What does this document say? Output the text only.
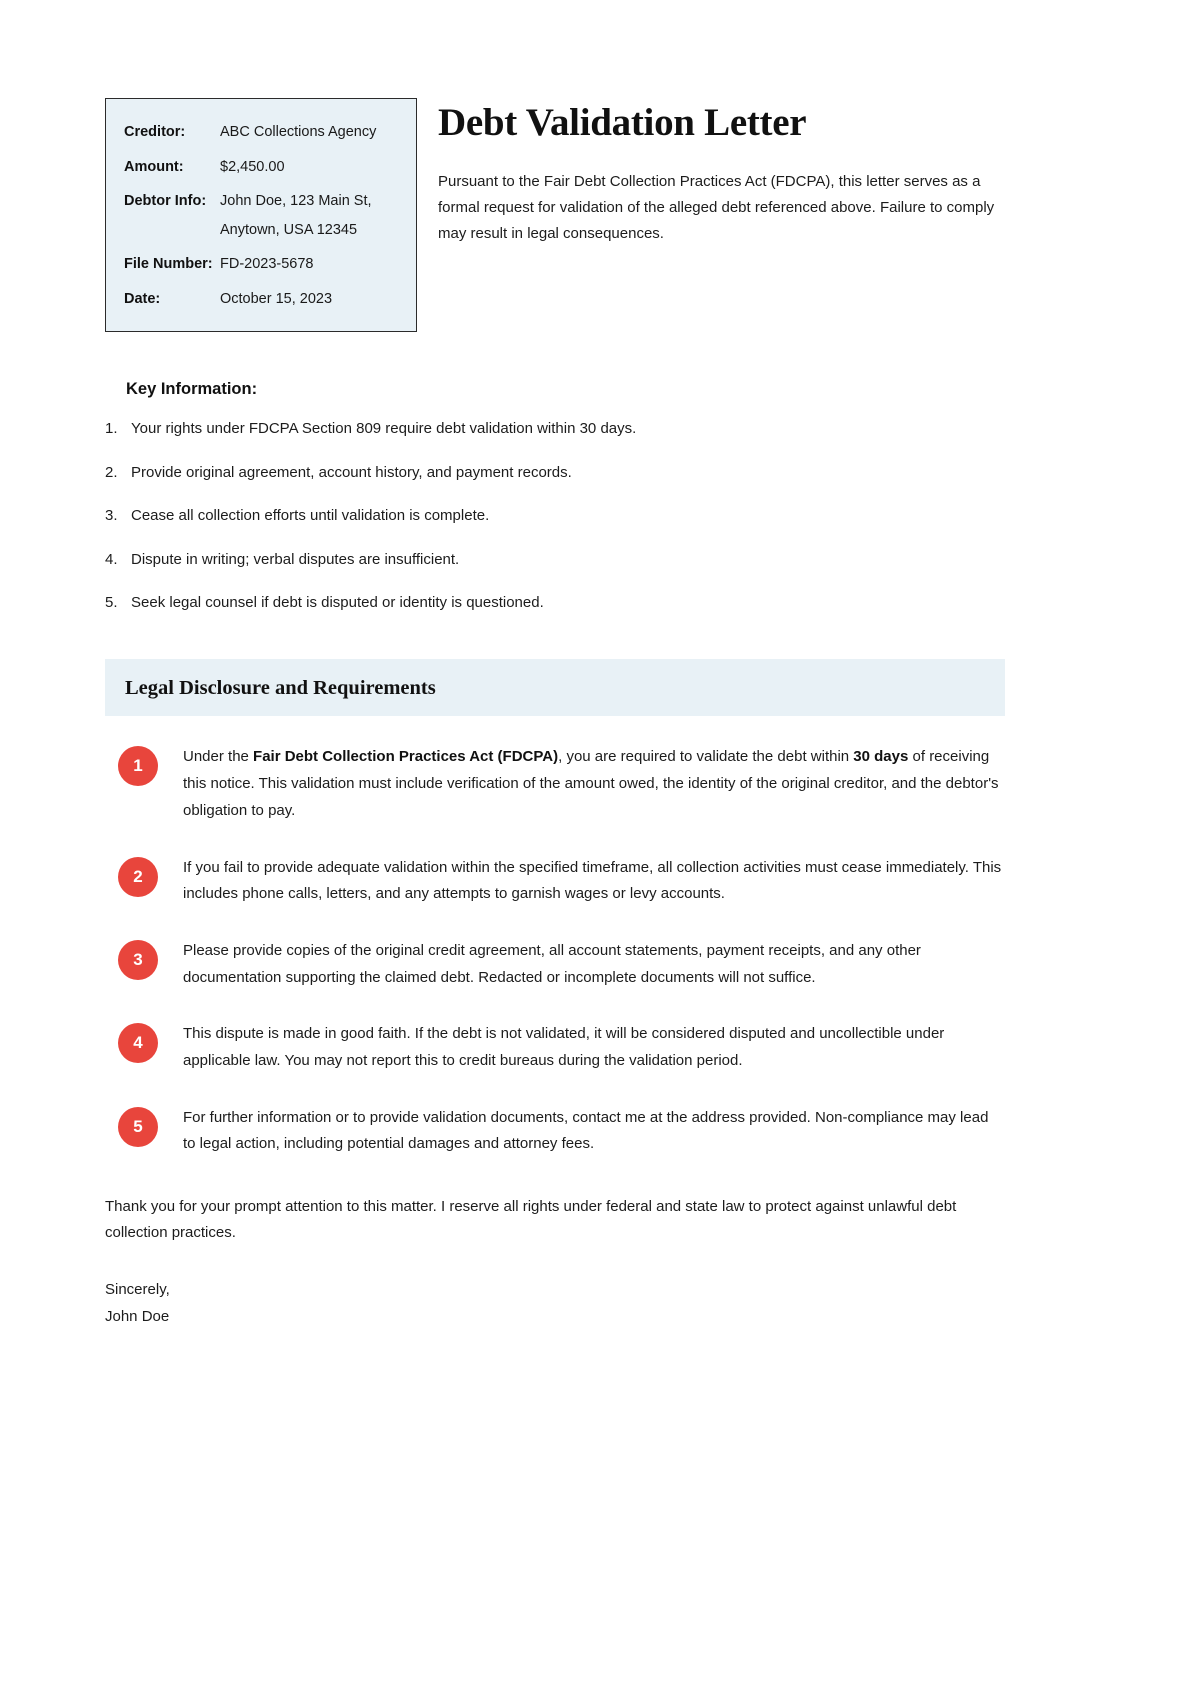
Creditor:	ABC Collections Agency
Amount:	$2,450.00
Debtor Info: John Doe, 123 Main St,
Anytown, USA 12345
File Number: FD-2023-5678
Date:	October 15, 2023
Debt Validation Letter

Pursuant to the Fair Debt Collection Practices Act (FDCPA), this letter serves as a formal request for validation of the alleged debt referenced above. Failure to comply may result in legal consequences.

Key Information:
1. Your rights under FDCPA Section 809 require debt validation within 30 days.
2. Provide original agreement, account history, and payment records.
3. Cease all collection efforts until validation is complete.
4. Dispute in writing; verbal disputes are insufficient.
5. Seek legal counsel if debt is disputed or identity is questioned.
Legal Disclosure and Requirements
1	Under the Fair Debt Collection Practices Act (FDCPA), you are required to validate the debt within 30 days of receiving this notice. This validation must include verification of the amount owed, the identity of the original creditor, and the debtor's obligation to pay.
2	If you fail to provide adequate validation within the specified timeframe, all collection activities must cease immediately. This includes phone calls, letters, and any attempts to garnish wages or levy accounts.
3	Please provide copies of the original credit agreement, all account statements, payment receipts, and any other documentation supporting the claimed debt. Redacted or incomplete documents will not suffice.
4	This dispute is made in good faith. If the debt is not validated, it will be considered disputed and uncollectible under applicable law. You may not report this to credit bureaus during the validation period.
5	For further information or to provide validation documents, contact me at the address provided. Non-compliance may lead to legal action, including potential damages and attorney fees.

Thank you for your prompt attention to this matter. I reserve all rights under federal and state law to protect against unlawful debt collection practices.

Sincerely,
John Doe
